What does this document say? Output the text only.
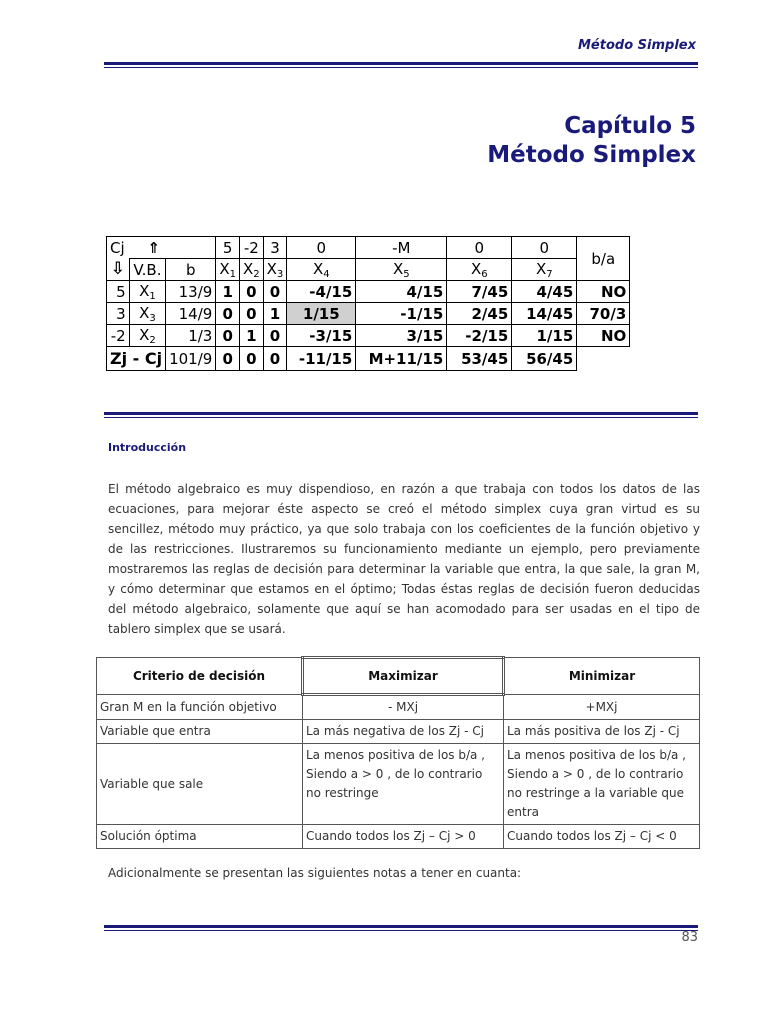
Método Simplex
Capítulo 5
Método Simplex
Cj ⇑			5	-2	3	0	-M	0	0	b/a
⇩	V.B.	b	$X_1$	$X_2$	$X_3$	$X_4$	$X_5$	$X_6$	$X_7$
5	$X_1$	13/9	1	0	0	-4/15	4/15	7/45	4/45	NO
3	$X_3$	14/9	0	0	1	1/15	-1/15	2/45	14/45	70/3
-2	$X_2$	1/3	0	1	0	-3/15	3/15	-2/15	1/15	NO
Zj - Cj		101/9	0	0	0	-11/15	M+11/15	53/45	56/45	
Introducción
El método algebraico es muy dispendioso, en razón a que trabaja con todos los datos de las ecuaciones, para mejorar éste aspecto se creó el método simplex cuya gran virtud es su sencillez, método muy práctico, ya que solo trabaja con los coeficientes de la función objetivo y de las restricciones. Ilustraremos su funcionamiento mediante un ejemplo, pero previamente mostraremos las reglas de decisión para determinar la variable que entra, la que sale, la gran M, y cómo determinar que estamos en el óptimo; Todas éstas reglas de decisión fueron deducidas del método algebraico, solamente que aquí se han acomodado para ser usadas en el tipo de tablero simplex que se usará.
Criterio de decisión	Maximizar	Minimizar
Gran M en la función objetivo	- MXj	+MXj
Variable que entra	La más negativa de los Zj - Cj	La más positiva de los Zj - Cj
Variable que sale	La menos positiva de los b/a , Siendo a > 0 , de lo contrario no restringe	La menos positiva de los b/a , Siendo a > 0 , de lo contrario no restringe a la variable que entra
Solución óptima	Cuando todos los Zj – Cj > 0	Cuando todos los Zj – Cj < 0
Adicionalmente se presentan las siguientes notas a tener en cuanta:
83
